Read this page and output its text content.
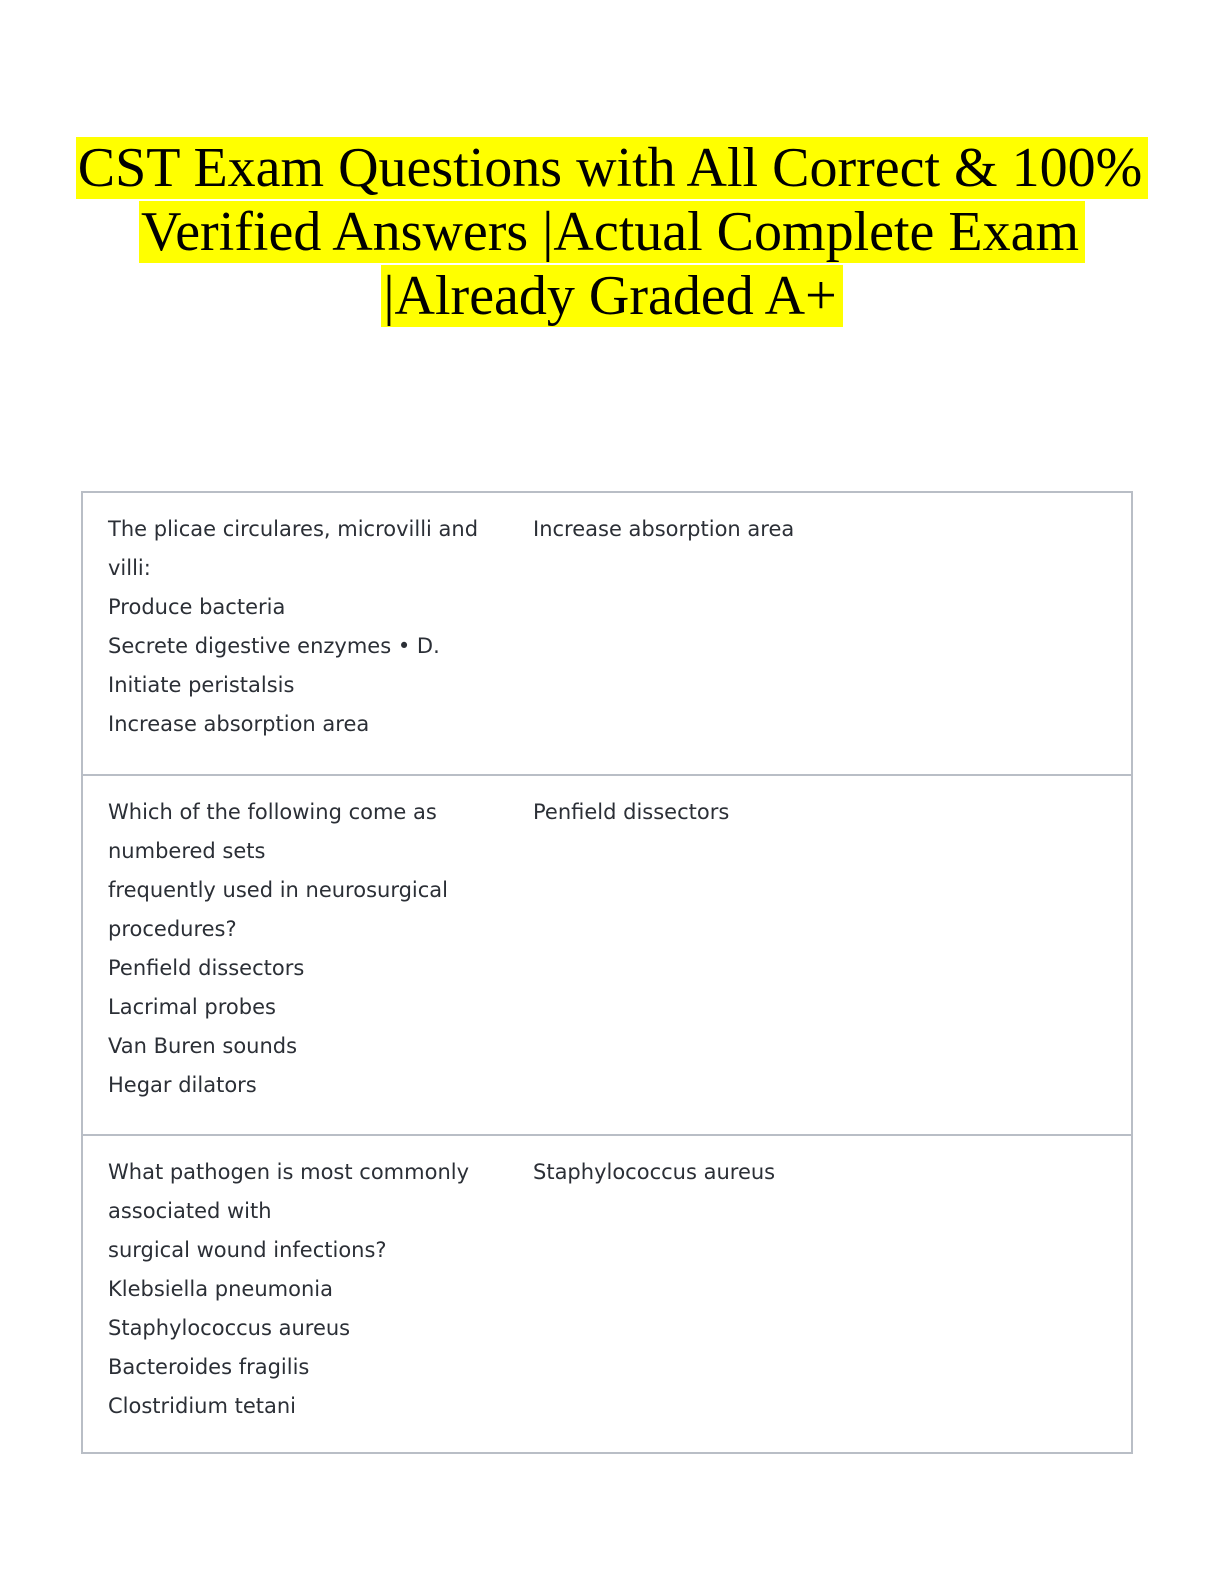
CST Exam Questions with All Correct & 100%
Verified Answers |Actual Complete Exam
|Already Graded A+
The plicae circulares, microvilli and
villi:
Produce bacteria
Secrete digestive enzymes • D.
Initiate peristalsis
Increase absorption area
Increase absorption area
Which of the following come as
numbered sets
frequently used in neurosurgical
procedures?
Penfield dissectors
Lacrimal probes
Van Buren sounds
Hegar dilators
Penfield dissectors
What pathogen is most commonly
associated with
surgical wound infections?
Klebsiella pneumonia
Staphylococcus aureus
Bacteroides fragilis
Clostridium tetani
Staphylococcus aureus
